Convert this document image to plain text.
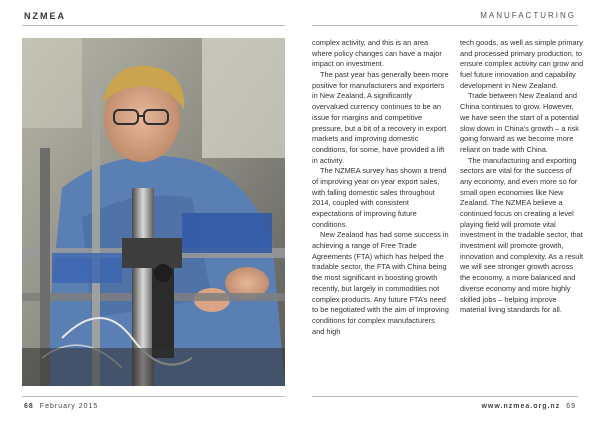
NZMEA	MANUFACTURING

complex activity, and this is an area where policy changes can have a major impact on investment.

The past year has generally been more positive for manufacturers and exporters in New Zealand. A significantly overvalued currency continues to be an issue for margins and competitive pressure, but a bit of a recovery in export markets and improving domestic conditions, for some, have provided a lift in activity.

The NZMEA survey has shown a trend of improving year on year export sales, with falling domestic sales throughout 2014, coupled with consistent expectations of improving future conditions.

New Zealand has had some success in achieving a range of Free Trade Agreements (FTA) which has helped the tradable sector, the FTA with China being the most significant in boosting growth recently, but largely in commodities not complex products. Any future FTA’s need to be negotiated with the aim of improving conditions for complex manufacturers and high

tech goods, as well as simple primary and processed primary production, to ensure complex activity can grow and fuel future innovation and capability development in New Zealand.

Trade between New Zealand and China continues to grow. However, we have seen the start of a potential slow down in China’s growth – a risk going forward as we become more reliant on trade with China.

The manufacturing and exporting sectors are vital for the success of any economy, and even more so for small open economies like New Zealand. The NZMEA believe a continued focus on creating a level playing field will promote vital investment in the tradable sector, that investment will promote growth, innovation and complexity. As a result we will see stronger growth across the economy, a more balanced and diverse economy and more highly skilled jobs – helping improve material living standards for all.

68 February 2015	www.nzmea.org.nz 69
